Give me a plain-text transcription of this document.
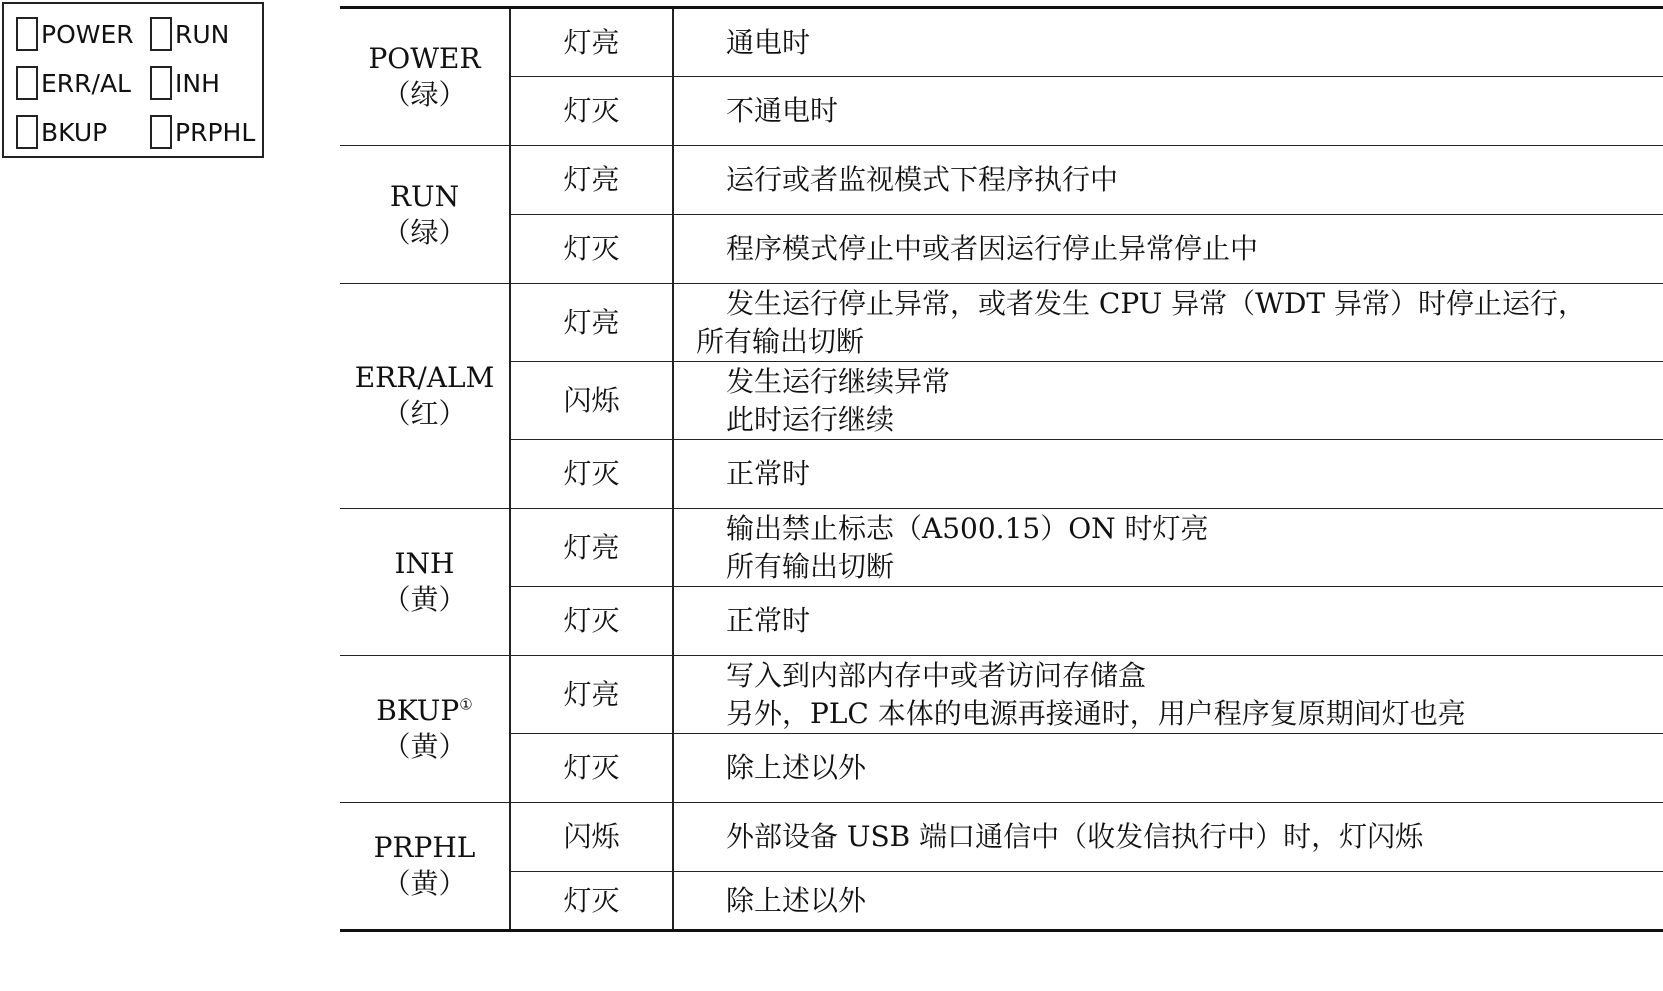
POWER RUN
ERR/AL INH
BKUP	PRPHL
POWER
（绿）	灯亮	通电时

	灯灭	不通电时

RUN
（绿）	灯亮	运行或者监视模式下程序执行中

	灯灭	程序模式停止中或者因运行停止异常停止中

ERR/ALM
（红）	灯亮	发生运行停止异常，或者发生 CPU 异常（WDT 异常）时停止运行，
所有输出切断

	闪烁	发生运行继续异常
此时运行继续

	灯灭	正常时

INH
（黄）	灯亮	输出禁止标志（A500.15）ON 时灯亮
所有输出切断

	灯灭	正常时

BKUP①
（黄）	灯亮	写入到内部内存中或者访问存储盒
另外，PLC 本体的电源再接通时，用户程序复原期间灯也亮

	灯灭	除上述以外

PRPHL
（黄）	闪烁	外部设备 USB 端口通信中（收发信执行中）时，灯闪烁

	灯灭	除上述以外
